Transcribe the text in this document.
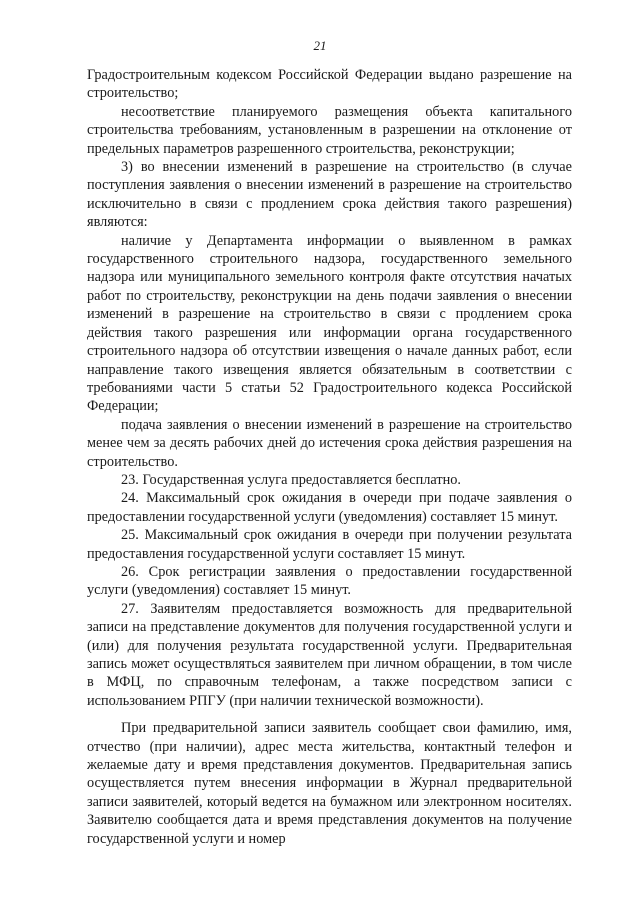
21

Градостроительным кодексом Российской Федерации выдано разрешение на строительство;

несоответствие планируемого размещения объекта капитального строительства требованиям, установленным в разрешении на отклонение от предельных параметров разрешенного строительства, реконструкции;

3) во внесении изменений в разрешение на строительство (в случае поступления заявления о внесении изменений в разрешение на строительство исключительно в связи с продлением срока действия такого разрешения) являются:

наличие у Департамента информации о выявленном в рамках государственного строительного надзора, государственного земельного надзора или муниципального земельного контроля факте отсутствия начатых работ по строительству, реконструкции на день подачи заявления о внесении изменений в разрешение на строительство в связи с продлением срока действия такого разрешения или информации органа государственного строительного надзора об отсутствии извещения о начале данных работ, если направление такого извещения является обязательным в соответствии с требованиями части 5 статьи 52 Градостроительного кодекса Российской Федерации;

подача заявления о внесении изменений в разрешение на строительство менее чем за десять рабочих дней до истечения срока действия разрешения на строительство.

23. Государственная услуга предоставляется бесплатно.

24. Максимальный срок ожидания в очереди при подаче заявления о предоставлении государственной услуги (уведомления) составляет 15 минут.

25. Максимальный срок ожидания в очереди при получении результата предоставления государственной услуги составляет 15 минут.

26. Срок регистрации заявления о предоставлении государственной услуги (уведомления) составляет 15 минут.

27. Заявителям предоставляется возможность для предварительной записи на представление документов для получения государственной услуги и (или) для получения результата государственной услуги. Предварительная запись может осуществляться заявителем при личном обращении, в том числе в МФЦ, по справочным телефонам, а также посредством записи с использованием РПГУ (при наличии технической возможности).

При предварительной записи заявитель сообщает свои фамилию, имя, отчество (при наличии), адрес места жительства, контактный телефон и желаемые дату и время представления документов. Предварительная запись осуществляется путем внесения информации в Журнал предварительной записи заявителей, который ведется на бумажном или электронном носителях. Заявителю сообщается дата и время представления документов на получение государственной услуги и номер
